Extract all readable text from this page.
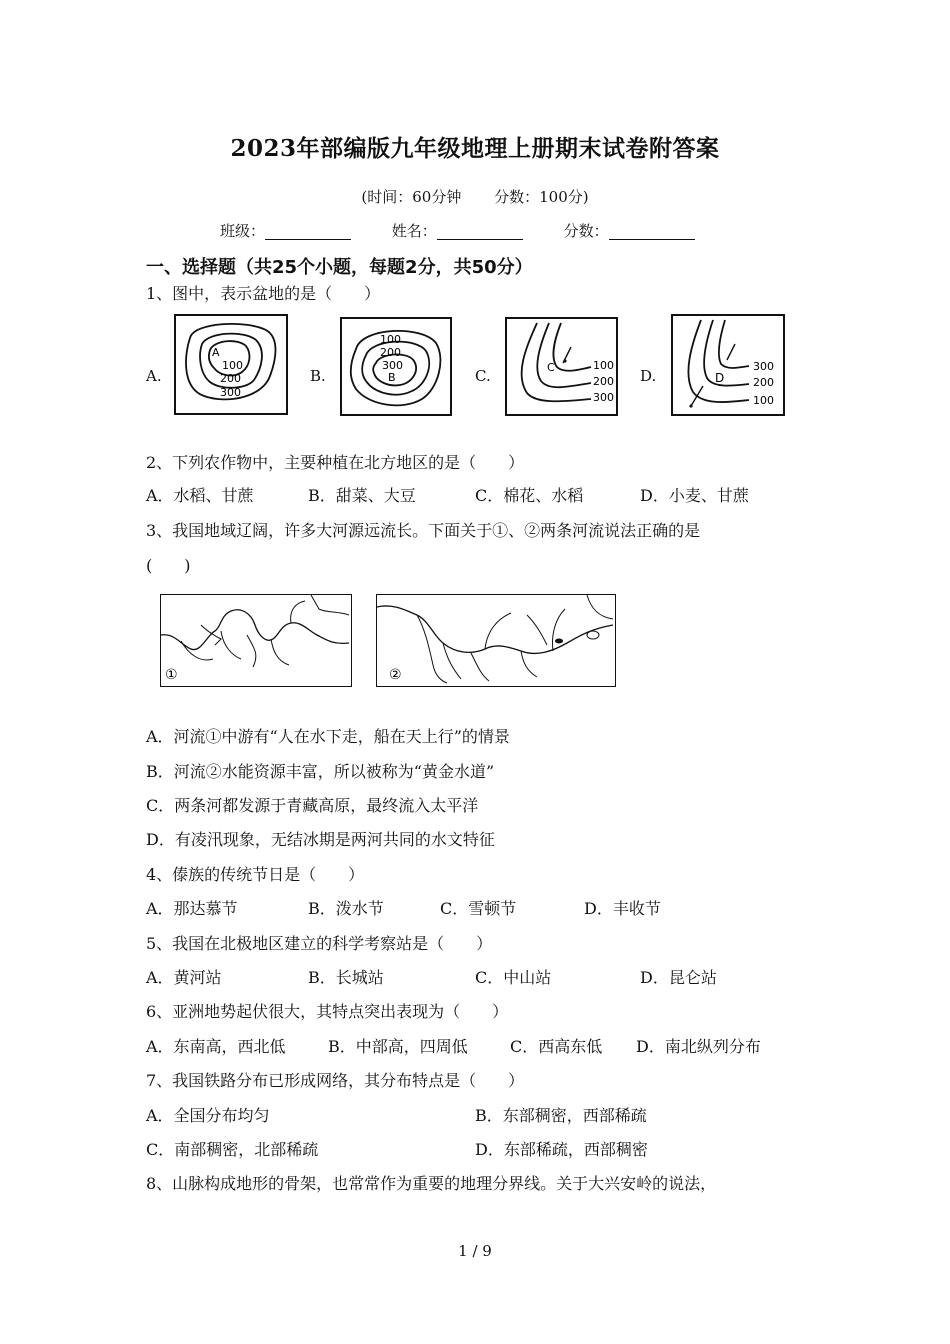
2023年部编版九年级地理上册期末试卷附答案
(时间：60分钟 分数：100分)
班级：	姓名：	分数：
一、选择题（共25个小题，每题2分，共50分）
1、图中，表示盆地的是（　　）
A.
A
100
200
300
B.
100
200
300
B	C.	C	100
200
300
D.	D
300
200
100
2、下列农作物中，主要种植在北方地区的是（　　）
A．水稻、甘蔗	B．甜菜、大豆	C．棉花、水稻	D．小麦、甘蔗
3、我国地域辽阔，许多大河源远流长。下面关于①、②两条河流说法正确的是
(　　)
①	②
A．河流①中游有“人在水下走，船在天上行”的情景
B．河流②水能资源丰富，所以被称为“黄金水道”
C．两条河都发源于青藏高原，最终流入太平洋
D．有凌汛现象，无结冰期是两河共同的水文特征
4、傣族的传统节日是（　　）
A．那达慕节	B．泼水节	C．雪顿节	D．丰收节
5、我国在北极地区建立的科学考察站是（　　）
A．黄河站	B．长城站	C．中山站	D．昆仑站
6、亚洲地势起伏很大，其特点突出表现为（　　）
A．东南高，西北低	B．中部高，四周低	C．西高东低 D．南北纵列分布
7、我国铁路分布已形成网络，其分布特点是（　　）
A．全国分布均匀	B．东部稠密，西部稀疏
C．南部稠密，北部稀疏	D．东部稀疏，西部稠密
8、山脉构成地形的骨架，也常常作为重要的地理分界线。关于大兴安岭的说法，
1 / 9
